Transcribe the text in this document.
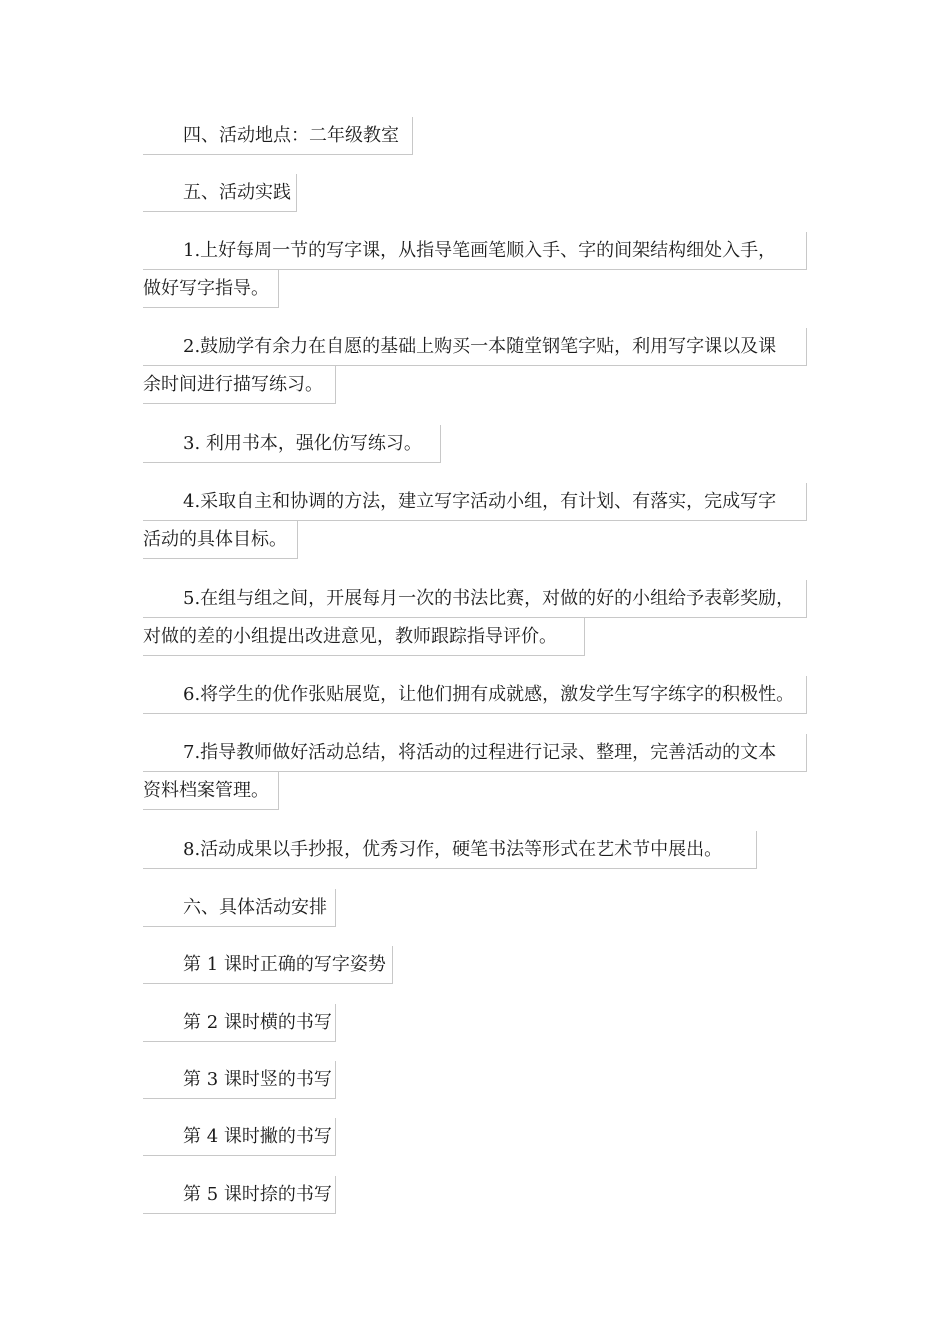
四、活动地点：二年级教室
五、活动实践
1.上好每周一节的写字课，从指导笔画笔顺入手、字的间架结构细处入手，
做好写字指导。
2.鼓励学有余力在自愿的基础上购买一本随堂钢笔字贴，利用写字课以及课
余时间进行描写练习。
3. 利用书本，强化仿写练习。
4.采取自主和协调的方法，建立写字活动小组，有计划、有落实，完成写字
活动的具体目标。
5.在组与组之间，开展每月一次的书法比赛，对做的好的小组给予表彰奖励，
对做的差的小组提出改进意见，教师跟踪指导评价。
6.将学生的优作张贴展览，让他们拥有成就感，激发学生写字练字的积极性。
7.指导教师做好活动总结，将活动的过程进行记录、整理，完善活动的文本
资料档案管理。
8.活动成果以手抄报，优秀习作，硬笔书法等形式在艺术节中展出。
六、具体活动安排
第 1 课时正确的写字姿势
第 2 课时横的书写
第 3 课时竖的书写
第 4 课时撇的书写
第 5 课时捺的书写
